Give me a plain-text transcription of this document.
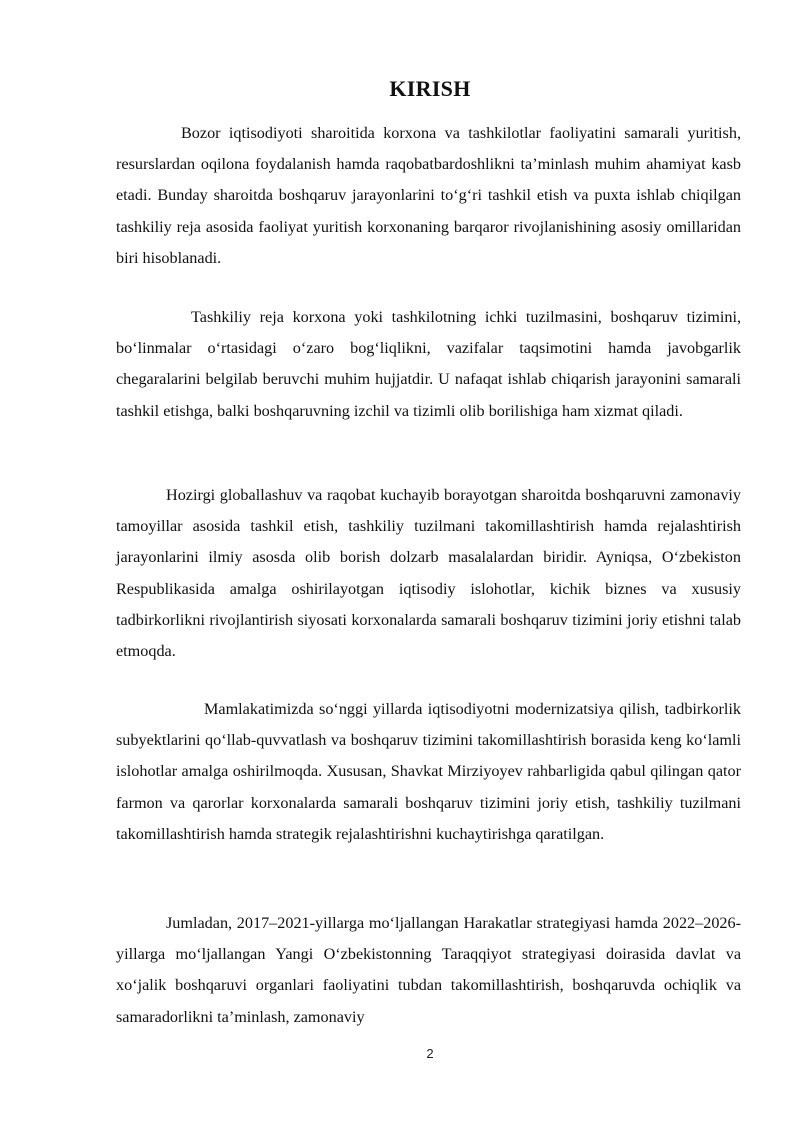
KIRISH

Bozor iqtisodiyoti sharoitida korxona va tashkilotlar faoliyatini samarali yuritish, resurslardan oqilona foydalanish hamda raqobatbardoshlikni ta’minlash muhim ahamiyat kasb etadi. Bunday sharoitda boshqaruv jarayonlarini to‘g‘ri tashkil etish va puxta ishlab chiqilgan tashkiliy reja asosida faoliyat yuritish korxonaning barqaror rivojlanishining asosiy omillaridan biri hisoblanadi.

Tashkiliy reja korxona yoki tashkilotning ichki tuzilmasini, boshqaruv tizimini, bo‘linmalar o‘rtasidagi o‘zaro bog‘liqlikni, vazifalar taqsimotini hamda javobgarlik chegaralarini belgilab beruvchi muhim hujjatdir. U nafaqat ishlab chiqarish jarayonini samarali tashkil etishga, balki boshqaruvning izchil va tizimli olib borilishiga ham xizmat qiladi.

Hozirgi globallashuv va raqobat kuchayib borayotgan sharoitda boshqaruvni zamonaviy tamoyillar asosida tashkil etish, tashkiliy tuzilmani takomillashtirish hamda rejalashtirish jarayonlarini ilmiy asosda olib borish dolzarb masalalardan biridir. Ayniqsa, O‘zbekiston Respublikasida amalga oshirilayotgan iqtisodiy islohotlar, kichik biznes va xususiy tadbirkorlikni rivojlantirish siyosati korxonalarda samarali boshqaruv tizimini joriy etishni talab etmoqda.

Mamlakatimizda so‘nggi yillarda iqtisodiyotni modernizatsiya qilish, tadbirkorlik subyektlarini qo‘llab-quvvatlash va boshqaruv tizimini takomillashtirish borasida keng ko‘lamli islohotlar amalga oshirilmoqda. Xususan, Shavkat Mirziyoyev rahbarligida qabul qilingan qator farmon va qarorlar korxonalarda samarali boshqaruv tizimini joriy etish, tashkiliy tuzilmani takomillashtirish hamda strategik rejalashtirishni kuchaytirishga qaratilgan.

Jumladan, 2017–2021-yillarga mo‘ljallangan Harakatlar strategiyasi hamda 2022–2026-yillarga mo‘ljallangan Yangi O‘zbekistonning Taraqqiyot strategiyasi doirasida davlat va xo‘jalik boshqaruvi organlari faoliyatini tubdan takomillashtirish, boshqaruvda ochiqlik va samaradorlikni ta’minlash, zamonaviy

2
